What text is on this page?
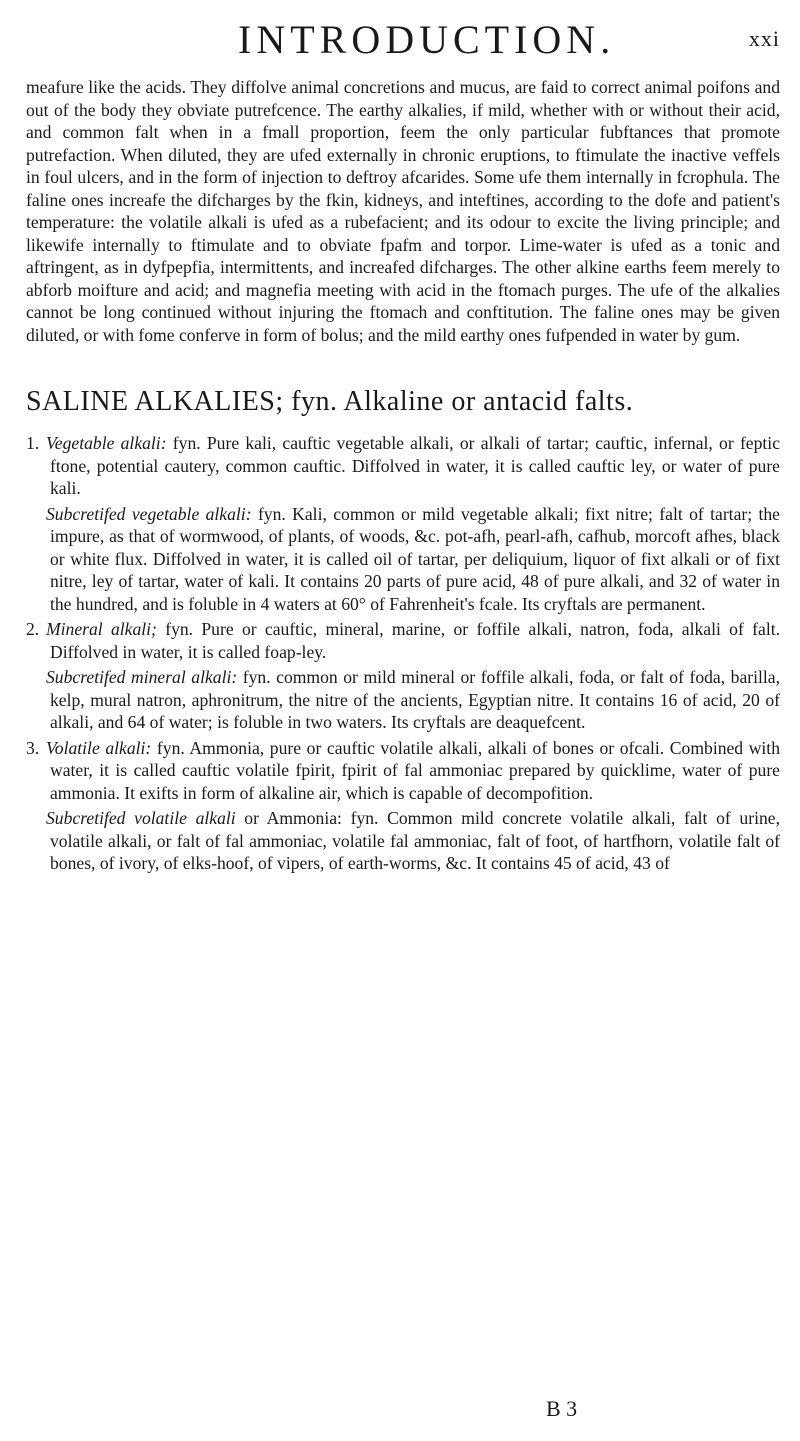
INTRODUCTION.	xxi

meafure like the acids. They diffolve animal concretions and mucus, are faid to correct animal poifons and out of the body they obviate putrefcence. The earthy alkalies, if mild, whether with or without their acid, and common falt when in a fmall proportion, feem the only particular fubftances that promote putrefaction. When diluted, they are ufed externally in chronic eruptions, to ftimulate the inactive veffels in foul ulcers, and in the form of injection to deftroy afcarides. Some ufe them internally in fcrophula. The faline ones increafe the difcharges by the fkin, kidneys, and inteftines, according to the dofe and patient's temperature: the volatile alkali is ufed as a rubefacient; and its odour to excite the living principle; and likewife internally to ftimulate and to obviate fpafm and torpor. Lime-water is ufed as a tonic and aftringent, as in dyfpepfia, intermittents, and increafed difcharges. The other alkine earths feem merely to abforb moifture and acid; and magnefia meeting with acid in the ftomach purges. The ufe of the alkalies cannot be long continued without injuring the ftomach and conftitution. The faline ones may be given diluted, or with fome conferve in form of bolus; and the mild earthy ones fufpended in water by gum.

SALINE ALKALIES; fyn. Alkaline or antacid falts.
1. Vegetable alkali: fyn. Pure kali, cauftic vegetable alkali, or alkali of tartar; cauftic, infernal, or feptic ftone, potential cautery, common cauftic. Diffolved in water, it is called cauftic ley, or water of pure kali.
Subcretifed vegetable alkali: fyn. Kali, common or mild vegetable alkali; fixt nitre; falt of tartar; the impure, as that of wormwood, of plants, of woods, &c. pot-afh, pearl-afh, cafhub, morcoft afhes, black or white flux. Diffolved in water, it is called oil of tartar, per deliquium, liquor of fixt alkali or of fixt nitre, ley of tartar, water of kali. It contains 20 parts of pure acid, 48 of pure alkali, and 32 of water in the hundred, and is foluble in 4 waters at 60° of Fahrenheit's fcale. Its cryftals are permanent.
2. Mineral alkali; fyn. Pure or cauftic, mineral, marine, or foffile alkali, natron, foda, alkali of falt. Diffolved in water, it is called foap-ley.
Subcretifed mineral alkali: fyn. common or mild mineral or foffile alkali, foda, or falt of foda, barilla, kelp, mural natron, aphronitrum, the nitre of the ancients, Egyptian nitre. It contains 16 of acid, 20 of alkali, and 64 of water; is foluble in two waters. Its cryftals are deaquefcent.
3. Volatile alkali: fyn. Ammonia, pure or cauftic volatile alkali, alkali of bones or ofcali. Combined with water, it is called cauftic volatile fpirit, fpirit of fal ammoniac prepared by quicklime, water of pure ammonia. It exifts in form of alkaline air, which is capable of decompofition.
Subcretifed volatile alkali or Ammonia: fyn. Common mild concrete volatile alkali, falt of urine, volatile alkali, or falt of fal ammoniac, volatile fal ammoniac, falt of foot, of hartfhorn, volatile falt of bones, of ivory, of elks-hoof, of vipers, of earth-worms, &c. It contains 45 of acid, 43 of
B 3
